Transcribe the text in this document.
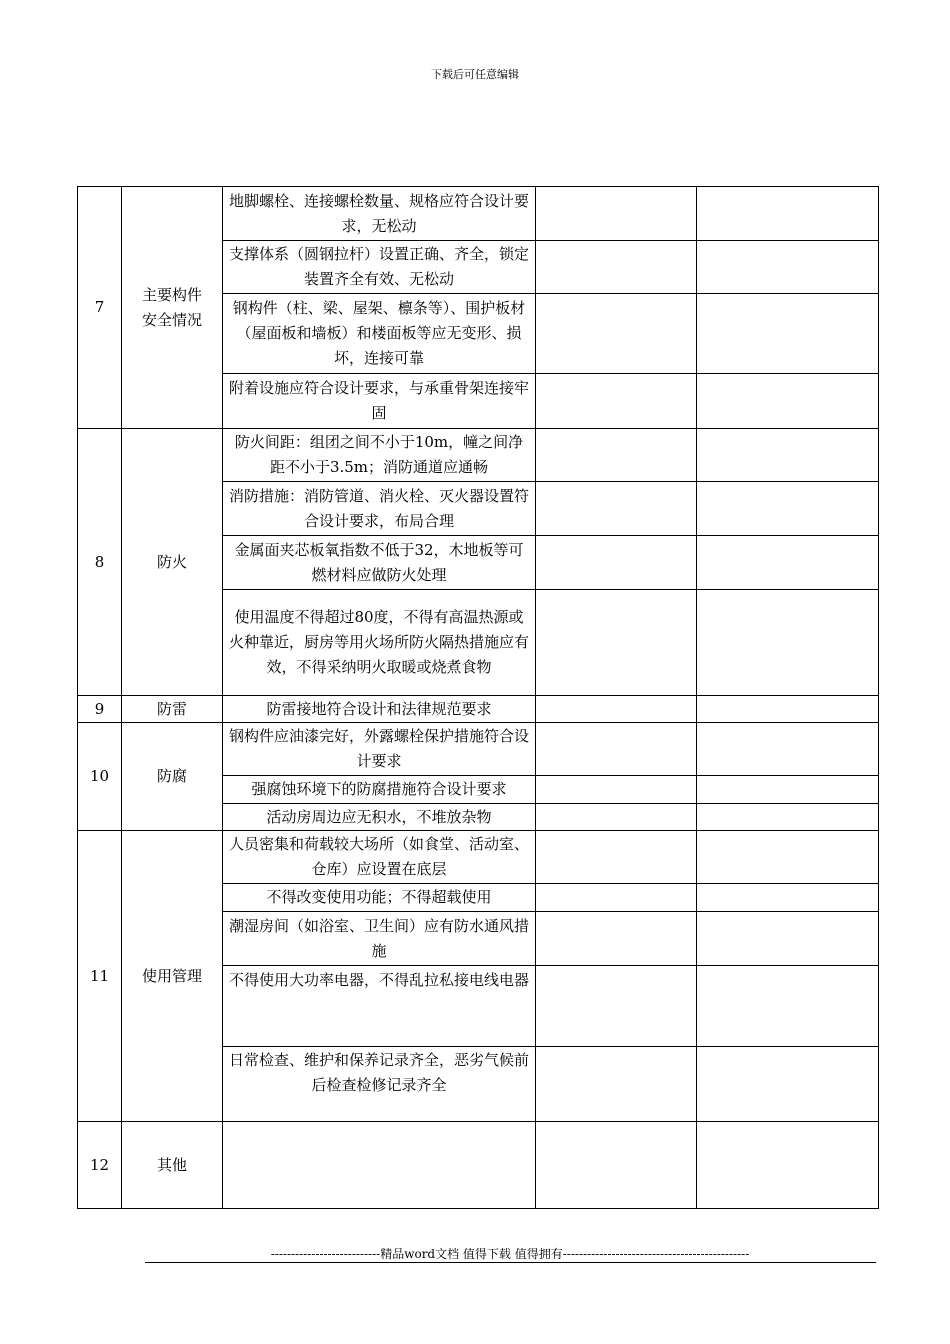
下载后可任意编辑
7	主要构件安全情况	地脚螺栓、连接螺栓数量、规格应符合设计要求，无松动		
		支撑体系（圆钢拉杆）设置正确、齐全，锁定装置齐全有效、无松动		
		钢构件（柱、梁、屋架、檩条等）、围护板材（屋面板和墙板）和楼面板等应无变形、损坏，连接可靠		
		附着设施应符合设计要求，与承重骨架连接牢固		
8	防火	防火间距：组团之间不小于10m，幢之间净距不小于3.5m；消防通道应通畅		
		消防措施：消防管道、消火栓、灭火器设置符合设计要求，布局合理		
		金属面夹芯板氧指数不低于32，木地板等可燃材料应做防火处理		
		使用温度不得超过80度，不得有高温热源或火种靠近，厨房等用火场所防火隔热措施应有效，不得采纳明火取暖或烧煮食物		
9	防雷	防雷接地符合设计和法律规范要求		
10	防腐	钢构件应油漆完好，外露螺栓保护措施符合设计要求		
		强腐蚀环境下的防腐措施符合设计要求		
		活动房周边应无积水，不堆放杂物		
11	使用管理	人员密集和荷载较大场所（如食堂、活动室、仓库）应设置在底层		
		不得改变使用功能；不得超载使用		
		潮湿房间（如浴室、卫生间）应有防水通风措施		
		不得使用大功率电器，不得乱拉私接电线电器		
		日常检查、维护和保养记录齐全，恶劣气候前后检查检修记录齐全		
12	其他			
---------------------------精品word文档 值得下载 值得拥有----------------------------------------------
